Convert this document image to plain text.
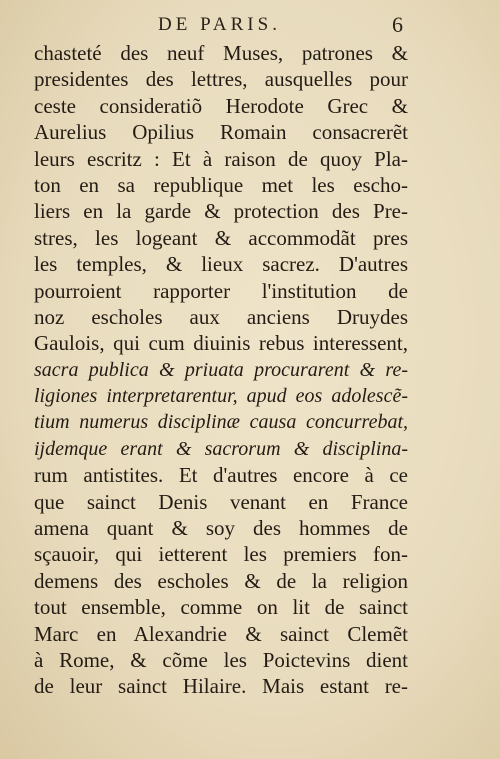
DE PARIS.	6
chasteté des neuf Muses, patrones &
presidentes des lettres, ausquelles pour
ceste consideratiõ Herodote Grec &
Aurelius Opilius Romain consacrerẽt
leurs escritz : Et à raison de quoy Pla-
ton en sa republique met les escho-
liers en la garde & protection des Pre-
stres, les logeant & accommodãt pres
les temples, & lieux sacrez. D'autres
pourroient rapporter l'institution de
noz escholes aux anciens Druydes
Gaulois, qui cum diuinis rebus interessent,
sacra publica & priuata procurarent & re-
ligiones interpretarentur, apud eos adolescẽ-
tium numerus disciplinæ causa concurrebat,
ijdemque erant & sacrorum & disciplina-
rum antistites. Et d'autres encore à ce
que sainct Denis venant en France
amena quant & soy des hommes de
sçauoir, qui ietterent les premiers fon-
demens des escholes & de la religion
tout ensemble, comme on lit de sainct
Marc en Alexandrie & sainct Clemẽt
à Rome, & cõme les Poictevins dient
de leur sainct Hilaire. Mais estant re-
